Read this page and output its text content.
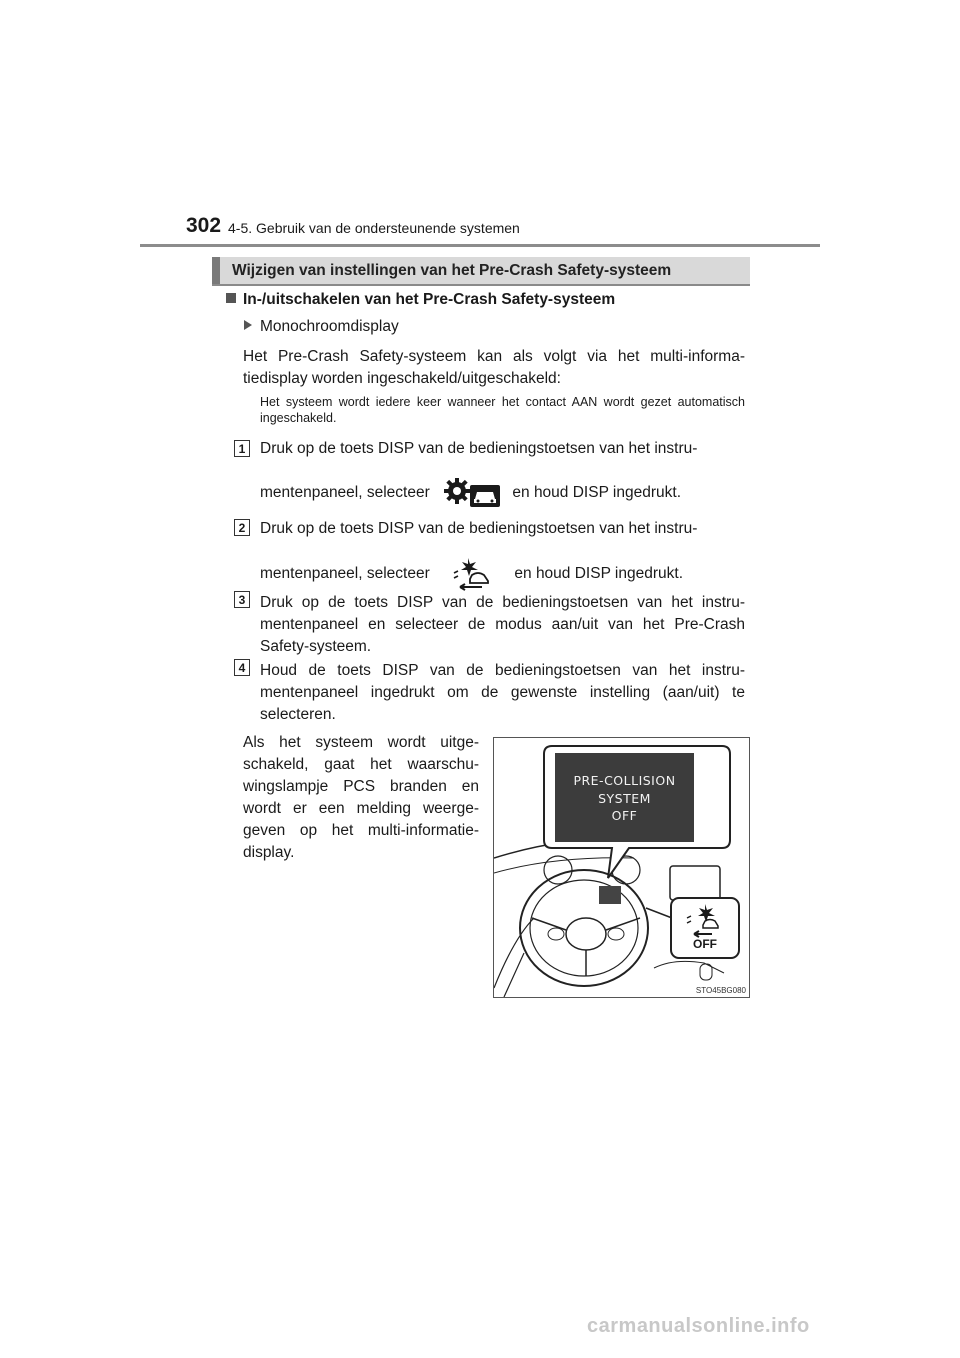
302 4-5. Gebruik van de ondersteunende systemen
Wijzigen van instellingen van het Pre-Crash Safety-systeem
In-/uitschakelen van het Pre-Crash Safety-systeem
Monochroomdisplay
Het Pre-Crash Safety-systeem kan als volgt via het multi-informa-tiedisplay worden ingeschakeld/uitgeschakeld:
Het systeem wordt iedere keer wanneer het contact AAN wordt gezet automatisch ingeschakeld.
1 Druk op de toets DISP van de bedieningstoetsen van het instru-
mentenpaneel, selecteer	en houd DISP ingedrukt.
2 Druk op de toets DISP van de bedieningstoetsen van het instru-
mentenpaneel, selecteer	en houd DISP ingedrukt.
3 Druk op de toets DISP van de bedieningstoetsen van het instru-mentenpaneel en selecteer de modus aan/uit van het Pre-Crash Safety-systeem.
4 Houd de toets DISP van de bedieningstoetsen van het instru-mentenpaneel ingedrukt om de gewenste instelling (aan/uit) te selecteren.
Als het systeem wordt uitge-schakeld, gaat het waarschu-wingslampje PCS branden en wordt er een melding weerge-geven op het multi-informatie-display.
PRE-COLLISION
SYSTEM
OFF
OFF
STO45BG080
carmanualsonline.info
